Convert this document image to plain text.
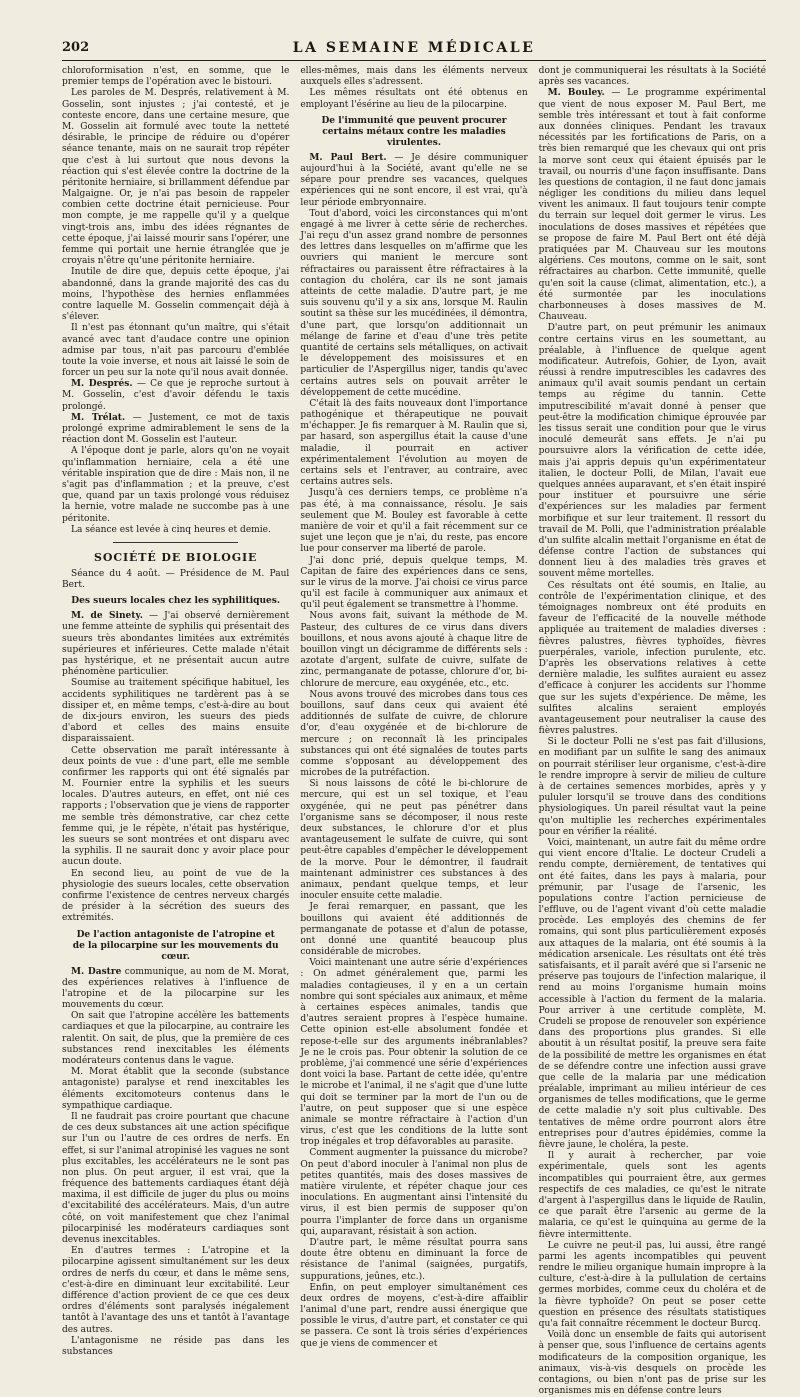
202	LA SEMAINE MÉDICALE

chloroformisation n'est, en somme, que le premier temps de l'opération avec le bistouri.

Les paroles de M. Després, relativement à M. Gosselin, sont injustes ; j'ai contesté, et je conteste encore, dans une certaine mesure, que M. Gosselin ait formulé avec toute la netteté désirable, le principe de réduire ou d'opérer séance tenante, mais on ne saurait trop répéter que c'est à lui surtout que nous devons la réaction qui s'est élevée contre la doctrine de la péritonite herniaire, si brillamment défendue par Malgaigne. Or, je n'ai pas besoin de rappeler combien cette doctrine était pernicieuse. Pour mon compte, je me rappelle qu'il y a quelque vingt-trois ans, imbu des idées régnantes de cette époque, j'ai laissé mourir sans l'opérer, une femme qui portait une hernie étranglée que je croyais n'être qu'une péritonite herniaire.

Inutile de dire que, depuis cette époque, j'ai abandonné, dans la grande majorité des cas du moins, l'hypothèse des hernies enflammées contre laquelle M. Gosselin commençait déjà à s'élever.

Il n'est pas étonnant qu'un maître, qui s'était avancé avec tant d'audace contre une opinion admise par tous, n'ait pas parcouru d'emblée toute la voie inverse, et nous ait laissé le soin de forcer un peu sur la note qu'il nous avait donnée.

M. Després. — Ce que je reproche surtout à M. Gosselin, c'est d'avoir défendu le taxis prolongé.

M. Trélat. — Justement, ce mot de taxis prolongé exprime admirablement le sens de la réaction dont M. Gosselin est l'auteur.

A l'époque dont je parle, alors qu'on ne voyait qu'inflammation herniaire, cela a été une véritable inspiration que de dire : Mais non, il ne s'agit pas d'inflammation ; et la preuve, c'est que, quand par un taxis prolongé vous réduisez la hernie, votre malade ne succombe pas à une péritonite.

La séance est levée à cinq heures et demie.

SOCIÉTÉ DE BIOLOGIE

Séance du 4 août. — Présidence de M. Paul Bert.

Des sueurs locales chez les syphilitiques.

M. de Sinety. — J'ai observé dernièrement une femme atteinte de syphilis qui présentait des sueurs très abondantes limitées aux extrémités supérieures et inférieures. Cette malade n'était pas hystérique, et ne présentait aucun autre phénomène particulier.

Soumise au traitement spécifique habituel, les accidents syphilitiques ne tardèrent pas à se dissiper et, en même temps, c'est-à-dire au bout de dix-jours environ, les sueurs des pieds d'abord et celles des mains ensuite disparaissaient.

Cette observation me paraît intéressante à deux points de vue : d'une part, elle me semble confirmer les rapports qui ont été signalés par M. Fournier entre la syphilis et les sueurs locales. D'autres auteurs, en effet, ont nié ces rapports ; l'observation que je viens de rapporter me semble très démonstrative, car chez cette femme qui, je le répète, n'était pas hystérique, les sueurs se sont montrées et ont disparu avec la syphilis. Il ne saurait donc y avoir place pour aucun doute.

En second lieu, au point de vue de la physiologie des sueurs locales, cette observation confirme l'existence de centres nerveux chargés de présider à la sécrétion des sueurs des extrémités.

De l'action antagoniste de l'atropine et de la pilocarpine sur les mouvements du cœur.

M. Dastre communique, au nom de M. Morat, des expériences relatives à l'influence de l'atropine et de la pilocarpine sur les mouvements du cœur.

On sait que l'atropine accélère les battements cardiaques et que la pilocarpine, au contraire les ralentit. On sait, de plus, que la première de ces substances rend inexcitables les éléments modérateurs contenus dans le vague.

M. Morat établit que la seconde (substance antagoniste) paralyse et rend inexcitables les éléments excitomoteurs contenus dans le sympathique cardiaque.

Il ne faudrait pas croire pourtant que chacune de ces deux substances ait une action spécifique sur l'un ou l'autre de ces ordres de nerfs. En effet, si sur l'animal atropinisé les vagues ne sont plus excitables, les accélérateurs ne le sont pas non plus. On peut arguer, il est vrai, que la fréquence des battements cardiaques étant déjà maxima, il est difficile de juger du plus ou moins d'excitabilité des accélérateurs. Mais, d'un autre côté, on voit manifestement que chez l'animal pilocarpinisé les modérateurs cardiaques sont devenus inexcitables.

En d'autres termes : L'atropine et la pilocarpine agissent simultanément sur les deux ordres de nerfs du cœur, et dans le même sens, c'est-à-dire en diminuant leur excitabilité. Leur différence d'action provient de ce que ces deux ordres d'éléments sont paralysés inégalement tantôt à l'avantage des uns et tantôt à l'avantage des autres.

L'antagonisme ne réside pas dans les substances

elles-mêmes, mais dans les éléments nerveux auxquels elles s'adressent.

Les mêmes résultats ont été obtenus en employant l'ésérine au lieu de la pilocarpine.

De l'immunité que peuvent procurer certains métaux contre les maladies virulentes.

M. Paul Bert. — Je désire communiquer aujourd'hui à la Société, avant qu'elle ne se sépare pour prendre ses vacances, quelques expériences qui ne sont encore, il est vrai, qu'à leur période embryonnaire.

Tout d'abord, voici les circonstances qui m'ont engagé à me livrer à cette série de recherches. J'ai reçu d'un assez grand nombre de personnes des lettres dans lesquelles on m'affirme que les ouvriers qui manient le mercure sont réfractaires ou paraissent être réfractaires à la contagion du choléra, car ils ne sont jamais atteints de cette maladie. D'autre part, je me suis souvenu qu'il y a six ans, lorsque M. Raulin soutint sa thèse sur les mucédinées, il démontra, d'une part, que lorsqu'on additionnait un mélange de farine et d'eau d'une très petite quantité de certains sels métalliques, on activait le développement des moisissures et en particulier de l'Aspergillus niger, tandis qu'avec certains autres sels on pouvait arrêter le développement de cette mucédine.

C'était là des faits nouveaux dont l'importance pathogénique et thérapeutique ne pouvait m'échapper. Je fis remarquer à M. Raulin que si, par hasard, son aspergillus était la cause d'une maladie, il pourrait en activer expérimentalement l'évolution au moyen de certains sels et l'entraver, au contraire, avec certains autres sels.

Jusqu'à ces derniers temps, ce problème n'a pas été, à ma connaissance, résolu. Je sais seulement que M. Bouley est favorable à cette manière de voir et qu'il a fait récemment sur ce sujet une leçon que je n'ai, du reste, pas encore lue pour conserver ma liberté de parole.

J'ai donc prié, depuis quelque temps, M. Capitan de faire des expériences dans ce sens, sur le virus de la morve. J'ai choisi ce virus parce qu'il est facile à communiquer aux animaux et qu'il peut également se transmettre à l'homme.

Nous avons fait, suivant la méthode de M. Pasteur, des cultures de ce virus dans divers bouillons, et nous avons ajouté à chaque litre de bouillon vingt un décigramme de différents sels : azotate d'argent, sulfate de cuivre, sulfate de zinc, permanganate de potasse, chlorure d'or, bi-chlorure de mercure, eau oxygénée, etc., etc.

Nous avons trouvé des microbes dans tous ces bouillons, sauf dans ceux qui avaient été additionnés de sulfate de cuivre, de chlorure d'or, d'eau oxygénée et de bi-chlorure de mercure ; on reconnaît là les principales substances qui ont été signalées de toutes parts comme s'opposant au développement des microbes de la putréfaction.

Si nous laissons de côté le bi-chlorure de mercure, qui est un sel toxique, et l'eau oxygénée, qui ne peut pas pénétrer dans l'organisme sans se décomposer, il nous reste deux substances, le chlorure d'or et plus avantageusement le sulfate de cuivre, qui sont peut-être capables d'empêcher le développement de la morve. Pour le démontrer, il faudrait maintenant administrer ces substances à des animaux, pendant quelque temps, et leur inoculer ensuite cette maladie.

Je ferai remarquer, en passant, que les bouillons qui avaient été additionnés de permanganate de potasse et d'alun de potasse, ont donné une quantité beaucoup plus considérable de microbes.

Voici maintenant une autre série d'expériences : On admet généralement que, parmi les maladies contagieuses, il y en a un certain nombre qui sont spéciales aux animaux, et même à certaines espèces animales, tandis que d'autres seraient propres à l'espèce humaine. Cette opinion est-elle absolument fondée et repose-t-elle sur des arguments inébranlables? Je ne le crois pas. Pour obtenir la solution de ce problème, j'ai commencé une série d'expériences dont voici la base. Partant de cette idée, qu'entre le microbe et l'animal, il ne s'agit que d'une lutte qui doit se terminer par la mort de l'un ou de l'autre, on peut supposer que si une espèce animale se montre réfractaire à l'action d'un virus, c'est que les conditions de la lutte sont trop inégales et trop défavorables au parasite.

Comment augmenter la puissance du microbe? On peut d'abord inoculer à l'animal non plus de petites quantités, mais des doses massives de matière virulente, et répéter chaque jour ces inoculations. En augmentant ainsi l'intensité du virus, il est bien permis de supposer qu'on pourra l'implanter de force dans un organisme qui, auparavant, résistait à son action.

D'autre part, le même résultat pourra sans doute être obtenu en diminuant la force de résistance de l'animal (saignées, purgatifs, suppurations, jeûnes, etc.).

Enfin, on peut employer simultanément ces deux ordres de moyens, c'est-à-dire affaiblir l'animal d'une part, rendre aussi énergique que possible le virus, d'autre part, et constater ce qui se passera. Ce sont là trois séries d'expériences que je viens de commencer et

dont je communiquerai les résultats à la Société après ses vacances.

M. Bouley. — Le programme expérimental que vient de nous exposer M. Paul Bert, me semble très intéressant et tout à fait conforme aux données cliniques. Pendant les travaux nécessités par les fortifications de Paris, on a très bien remarqué que les chevaux qui ont pris la morve sont ceux qui étaient épuisés par le travail, ou nourris d'une façon insuffisante. Dans les questions de contagion, il ne faut donc jamais négliger les conditions du milieu dans lequel vivent les animaux. Il faut toujours tenir compte du terrain sur lequel doit germer le virus. Les inoculations de doses massives et répétées que se propose de faire M. Paul Bert ont été déjà pratiquées par M. Chauveau sur les moutons algériens. Ces moutons, comme on le sait, sont réfractaires au charbon. Cette immunité, quelle qu'en soit la cause (climat, alimentation, etc.), a été surmontée par les inoculations charbonneuses à doses massives de M. Chauveau.

D'autre part, on peut prémunir les animaux contre certains virus en les soumettant, au préalable, à l'influence de quelque agent modificateur. Autrefois, Gohier, de Lyon, avait réussi à rendre imputrescibles les cadavres des animaux qu'il avait soumis pendant un certain temps au régime du tannin. Cette imputrescibilité m'avait donné à penser que peut-être la modification chimique éprouvée par les tissus serait une condition pour que le virus inoculé demeurât sans effets. Je n'ai pu poursuivre alors la vérification de cette idée, mais j'ai appris depuis qu'un expérimentateur italien, le docteur Polli, de Milan, l'avait eue quelques années auparavant, et s'en était inspiré pour instituer et poursuivre une série d'expériences sur les maladies par ferment morbifique et sur leur traitement. Il ressort du travail de M. Polli, que l'administration préalable d'un sulfite alcalin mettait l'organisme en état de défense contre l'action de substances qui donnent lieu à des maladies très graves et souvent même mortelles.

Ces résultats ont été soumis, en Italie, au contrôle de l'expérimentation clinique, et des témoignages nombreux ont été produits en faveur de l'efficacité de la nouvelle méthode appliquée au traitement de maladies diverses : fièvres palustres, fièvres typhoïdes, fièvres puerpérales, variole, infection purulente, etc. D'après les observations relatives à cette dernière maladie, les sulfites auraient eu assez d'efficace à conjurer les accidents sur l'homme que sur les sujets d'expérience. De même, les sulfites alcalins seraient employés avantageusement pour neutraliser la cause des fièvres palustres.

Si le docteur Polli ne s'est pas fait d'illusions, en modifiant par un sulfite le sang des animaux on pourrait stériliser leur organisme, c'est-à-dire le rendre impropre à servir de milieu de culture à de certaines semences morbides, après y y pululer lorsqu'il se trouve dans des conditions physiologiques. Un pareil résultat vaut la peine qu'on multiplie les recherches expérimentales pour en vérifier la réalité.

Voici, maintenant, un autre fait du même ordre qui vient encore d'Italie. Le docteur Crudeli a rendu compte, dernièrement, de tentatives qui ont été faites, dans les pays à malaria, pour prémunir, par l'usage de l'arsenic, les populations contre l'action pernicieuse de l'effluve, ou de l'agent vivant d'où cette maladie procède. Les employés des chemins de fer romains, qui sont plus particulièrement exposés aux attaques de la malaria, ont été soumis à la médication arsenicale. Les résultats ont été très satisfaisants, et il paraît avéré que si l'arsenic ne préserve pas toujours de l'infection malarique, il rend au moins l'organisme humain moins accessible à l'action du ferment de la malaria. Pour arriver à une certitude complète, M. Crudeli se propose de renouveler son expérience dans des proportions plus grandes. Si elle aboutit à un résultat positif, la preuve sera faite de la possibilité de mettre les organismes en état de se défendre contre une infection aussi grave que celle de la malaria par une médication préalable, imprimant au milieu intérieur de ces organismes de telles modifications, que le germe de cette maladie n'y soit plus cultivable. Des tentatives de même ordre pourront alors être entreprises pour d'autres épidémies, comme la fièvre jaune, le choléra, la peste.

Il y aurait à rechercher, par voie expérimentale, quels sont les agents incompatibles qui pourraient être, aux germes respectifs de ces maladies, ce qu'est le nitrate d'argent à l'aspergillus dans le liquide de Raulin, ce que paraît être l'arsenic au germe de la malaria, ce qu'est le quinquina au germe de la fièvre intermittente.

Le cuivre ne peut-il pas, lui aussi, être rangé parmi les agents incompatibles qui peuvent rendre le milieu organique humain impropre à la culture, c'est-à-dire à la pullulation de certains germes morbides, comme ceux du choléra et de la fièvre typhoïde? On peut se poser cette question en présence des résultats statistiques qu'a fait connaître récemment le docteur Burcq.

Voilà donc un ensemble de faits qui autorisent à penser que, sous l'influence de certains agents modificateurs de la composition organique, les animaux, vis-à-vis desquels on procède les contagions, ou bien n'ont pas de prise sur les organismes mis en défense contre leurs
